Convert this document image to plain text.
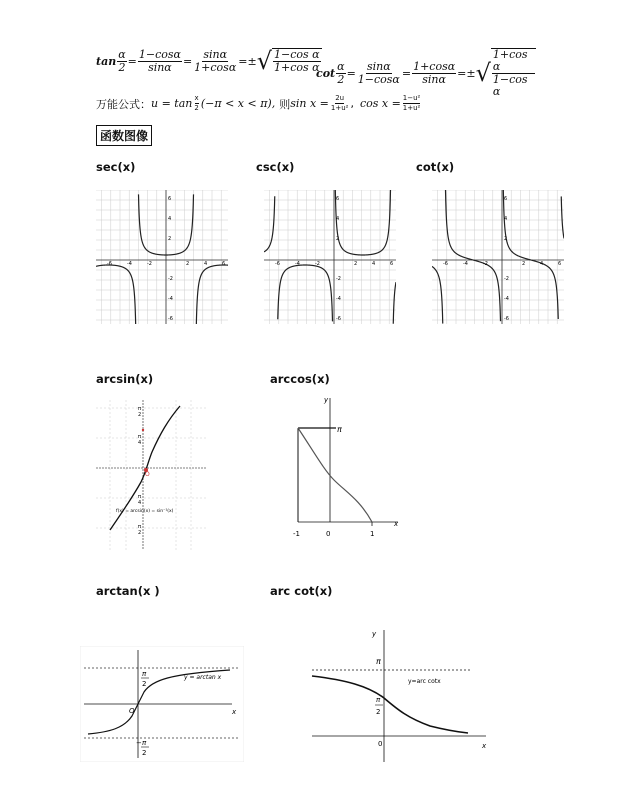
$\tan \frac{\alpha}{2} = \frac{1-\cos\alpha}{\sin\alpha} = \frac{\sin\alpha}{1+\cos\alpha}$ =± √ $\frac{\text{1−cos α}}{\text{1+cos α}}$
$\cot \frac{\alpha}{2} = \frac{\sin\alpha}{1-\cos\alpha} = \frac{1+\cos\alpha}{\sin\alpha}$ =± √ $\frac{\text{1+cos α}}{\text{1−cos α}}$
万能公式： $u = \tan \frac{x}{2} (-\pi < x < \pi)$, 则 $\sin x = \frac{2u}{\text{1+u²}}$ , $\cos x = \frac{\text{1−u²}}{\text{1+u²}}$
函数图像
sec(x)	csc(x)	cot(x)
arcsin(x)	arccos(x)
arctan(x )	arc cot(x)
-6	-4	-2	2	4	6
6
4
2
-2
-4
-6
-6	-4	-2	2	4	6
6
4
2
-2
-4
-6
-6	-4	-2	2	4	6
6
4
2
-2
-4
-6
π
2
π
4
π
4
π
2
O
f(x) = arcsin(x) = sin⁻¹(x)
y
x
π
-1	0	1
π
2
− π
2
O	x
y = arctan x
y
x
π
π
2
0
y=arc cotx
